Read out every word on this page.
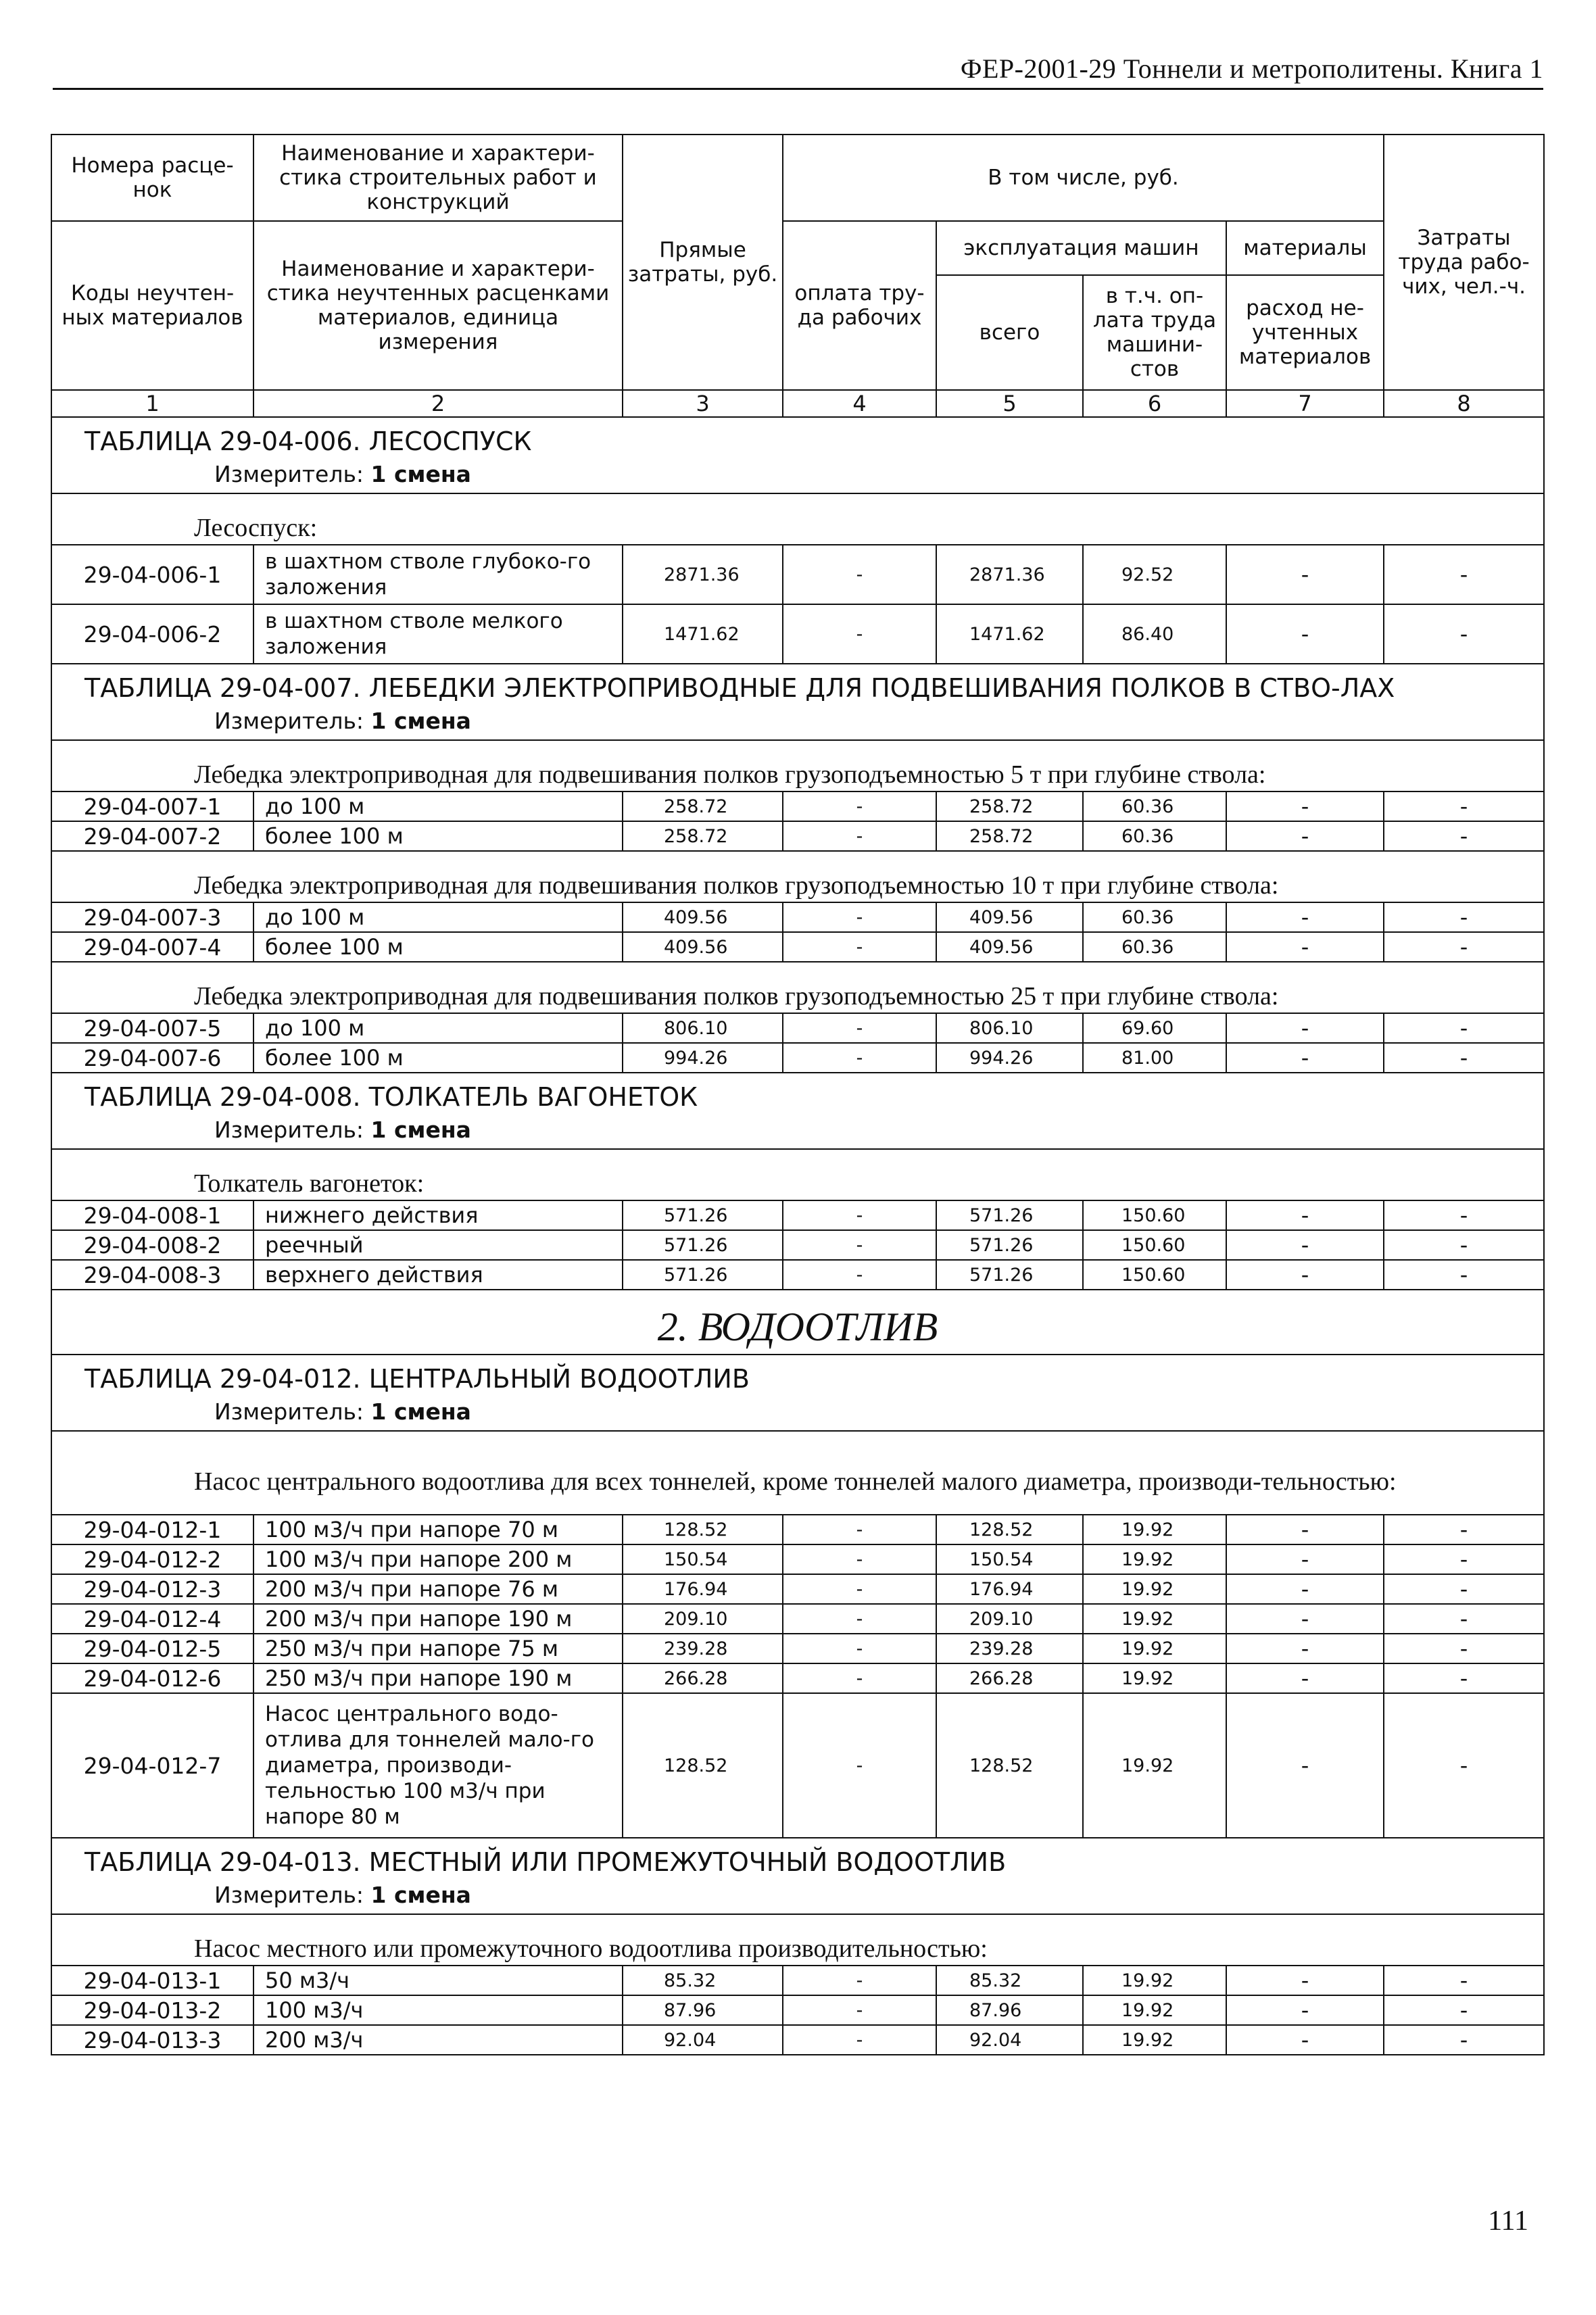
ФЕР-2001-29 Тоннели и метрополитены. Книга 1
Номера расце-нок	Наименование и характери-стика строительных работ и конструкций	Прямые затраты, руб.	В том числе, руб.				Затраты труда рабо-чих, чел.-ч.
Коды неучтен-ных материалов	Наименование и характери-стика неучтенных расценками материалов, единица измерения		оплата тру-да рабочих	эксплуатация машин		материалы	
				всего	в т.ч. оп-лата труда машини-стов	расход не-учтенных материалов	
1	2	3	4	5	6	7	8
ТАБЛИЦА 29-04-006. ЛЕСОСПУСК							
Измеритель: 1 смена							
Лесоспуск:							
29-04-006-1	в шахтном стволе глубоко-го заложения	2871.36	-	2871.36	92.52	-	-
29-04-006-2	в шахтном стволе мелкого заложения	1471.62	-	1471.62	86.40	-	-
ТАБЛИЦА 29-04-007. ЛЕБЕДКИ ЭЛЕКТРОПРИВОДНЫЕ ДЛЯ ПОДВЕШИВАНИЯ ПОЛКОВ В СТВО-ЛАХ							
Измеритель: 1 смена							
Лебедка электроприводная для подвешивания полков грузоподъемностью 5 т при глубине ствола:							
29-04-007-1	до 100 м	258.72	-	258.72	60.36	-	-
29-04-007-2	более 100 м	258.72	-	258.72	60.36	-	-
Лебедка электроприводная для подвешивания полков грузоподъемностью 10 т при глубине ствола:							
29-04-007-3	до 100 м	409.56	-	409.56	60.36	-	-
29-04-007-4	более 100 м	409.56	-	409.56	60.36	-	-
Лебедка электроприводная для подвешивания полков грузоподъемностью 25 т при глубине ствола:							
29-04-007-5	до 100 м	806.10	-	806.10	69.60	-	-
29-04-007-6	более 100 м	994.26	-	994.26	81.00	-	-
ТАБЛИЦА 29-04-008. ТОЛКАТЕЛЬ ВАГОНЕТОК							
Измеритель: 1 смена							
Толкатель вагонеток:							
29-04-008-1	нижнего действия	571.26	-	571.26	150.60	-	-
29-04-008-2	реечный	571.26	-	571.26	150.60	-	-
29-04-008-3	верхнего действия	571.26	-	571.26	150.60	-	-
2. ВОДООТЛИВ							
ТАБЛИЦА 29-04-012. ЦЕНТРАЛЬНЫЙ ВОДООТЛИВ							
Измеритель: 1 смена							
Насос центрального водоотлива для всех тоннелей, кроме тоннелей малого диаметра, производи-тельностью:							
29-04-012-1	100 м3/ч при напоре 70 м	128.52	-	128.52	19.92	-	-
29-04-012-2	100 м3/ч при напоре 200 м	150.54	-	150.54	19.92	-	-
29-04-012-3	200 м3/ч при напоре 76 м	176.94	-	176.94	19.92	-	-
29-04-012-4	200 м3/ч при напоре 190 м	209.10	-	209.10	19.92	-	-
29-04-012-5	250 м3/ч при напоре 75 м	239.28	-	239.28	19.92	-	-
29-04-012-6	250 м3/ч при напоре 190 м	266.28	-	266.28	19.92	-	-
29-04-012-7	Насос центрального водо-отлива для тоннелей мало-го диаметра, производи-тельностью 100 м3/ч при напоре 80 м	128.52	-	128.52	19.92	-	-
ТАБЛИЦА 29-04-013. МЕСТНЫЙ ИЛИ ПРОМЕЖУТОЧНЫЙ ВОДООТЛИВ							
Измеритель: 1 смена							
Насос местного или промежуточного водоотлива производительностью:							
29-04-013-1	50 м3/ч	85.32	-	85.32	19.92	-	-
29-04-013-2	100 м3/ч	87.96	-	87.96	19.92	-	-
29-04-013-3	200 м3/ч	92.04	-	92.04	19.92	-	-
111
